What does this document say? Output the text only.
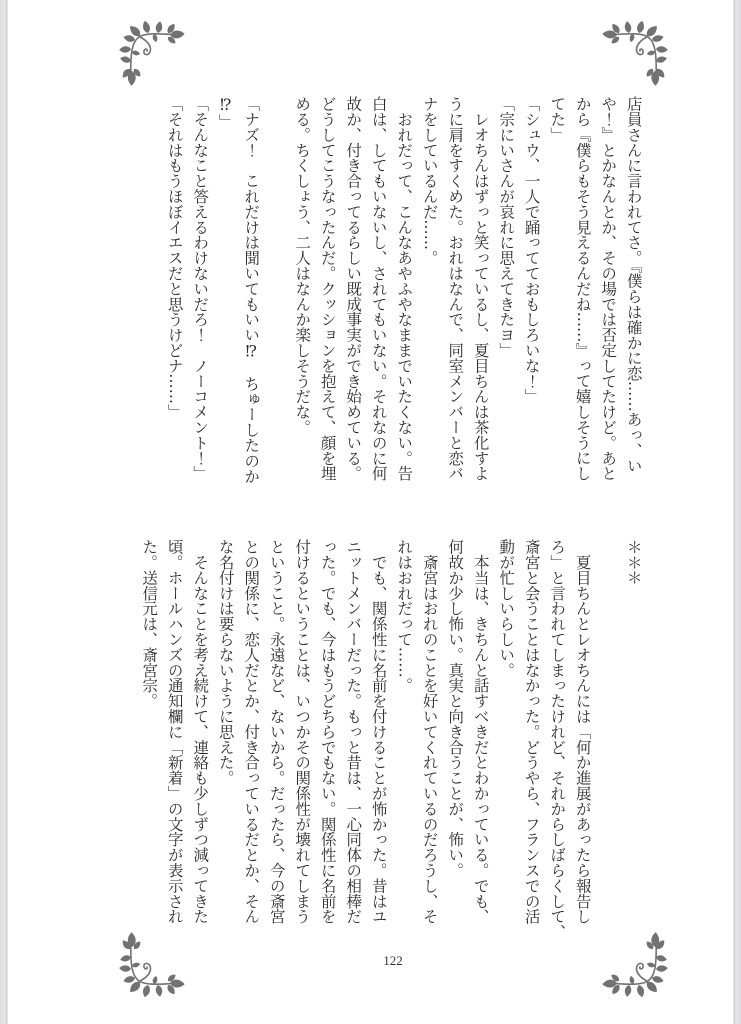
店員さんに言われてさ。『僕らは確かに恋……あっ、い
や！』とかなんとか、その場では否定してたけど。あと
から『僕らもそう見えるんだね……』って嬉しそうにし
てた」
「シュウ、一人で踊ってておもしろいな！」
「宗にいさんが哀れに思えてきたヨ」
　レオちんはずっと笑っているし、夏目ちんは茶化すよ
うに肩をすくめた。おれはなんで、同室メンバーと恋バ
ナをしているんだ……。
　おれだって、こんなあやふやなままでいたくない。告
白は、してもいないし、されてもいない。それなのに何
故か、付き合ってるらしい既成事実ができ始めている。
どうしてこうなったんだ。クッションを抱えて、顔を埋
める。ちくしょう、二人はなんか楽しそうだな。
「ナズ！　これだけは聞いてもいい⁉　ちゅーしたのか
⁉」
「そんなこと答えるわけないだろ！　ノーコメント！」
「それはもうほぼイエスだと思うけどナ……」
＊＊＊
　夏目ちんとレオちんには「何か進展があったら報告し
ろ」と言われてしまったけれど、それからしばらくして、
斎宮と会うことはなかった。どうやら、フランスでの活
動が忙しいらしい。
　本当は、きちんと話すべきだとわかっている。でも、
何故か少し怖い。真実と向き合うことが、怖い。
　斎宮はおれのことを好いてくれているのだろうし、そ
れはおれだって……。
　でも、関係性に名前を付けることが怖かった。昔はユ
ニットメンバーだった。もっと昔は、一心同体の相棒だ
った。でも、今はもうどちらでもない。関係性に名前を
付けるということは、いつかその関係性が壊れてしまう
ということ。永遠など、ないから。だったら、今の斎宮
との関係に、恋人だとか、付き合っているだとか、そん
な名付けは要らないように思えた。
　そんなことを考え続けて、連絡も少しずつ減ってきた
頃。ホールハンズの通知欄に「新着」の文字が表示され
た。送信元は、斎宮宗。
122
